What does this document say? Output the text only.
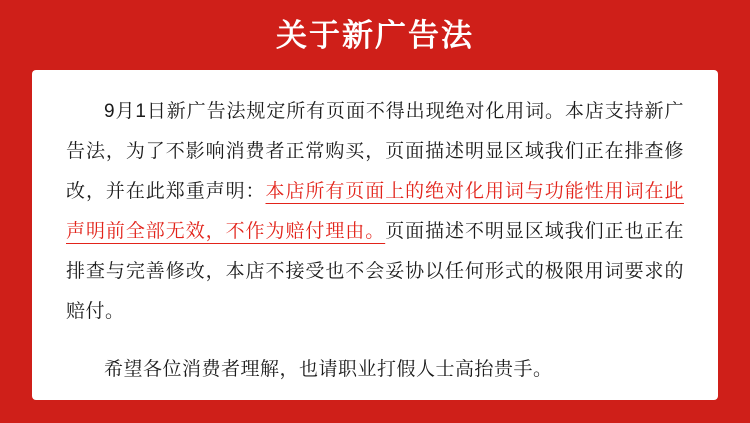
关于新广告法
9月1日新广告法规定所有页面不得出现绝对化用词。本店支持新广告法，为了不影响消费者正常购买，页面描述明显区域我们正在排查修改，并在此郑重声明：本店所有页面上的绝对化用词与功能性用词在此声明前全部无效，不作为赔付理由。页面描述不明显区域我们正也正在排查与完善修改，本店不接受也不会妥协以任何形式的极限用词要求的赔付。
希望各位消费者理解，也请职业打假人士高抬贵手。
